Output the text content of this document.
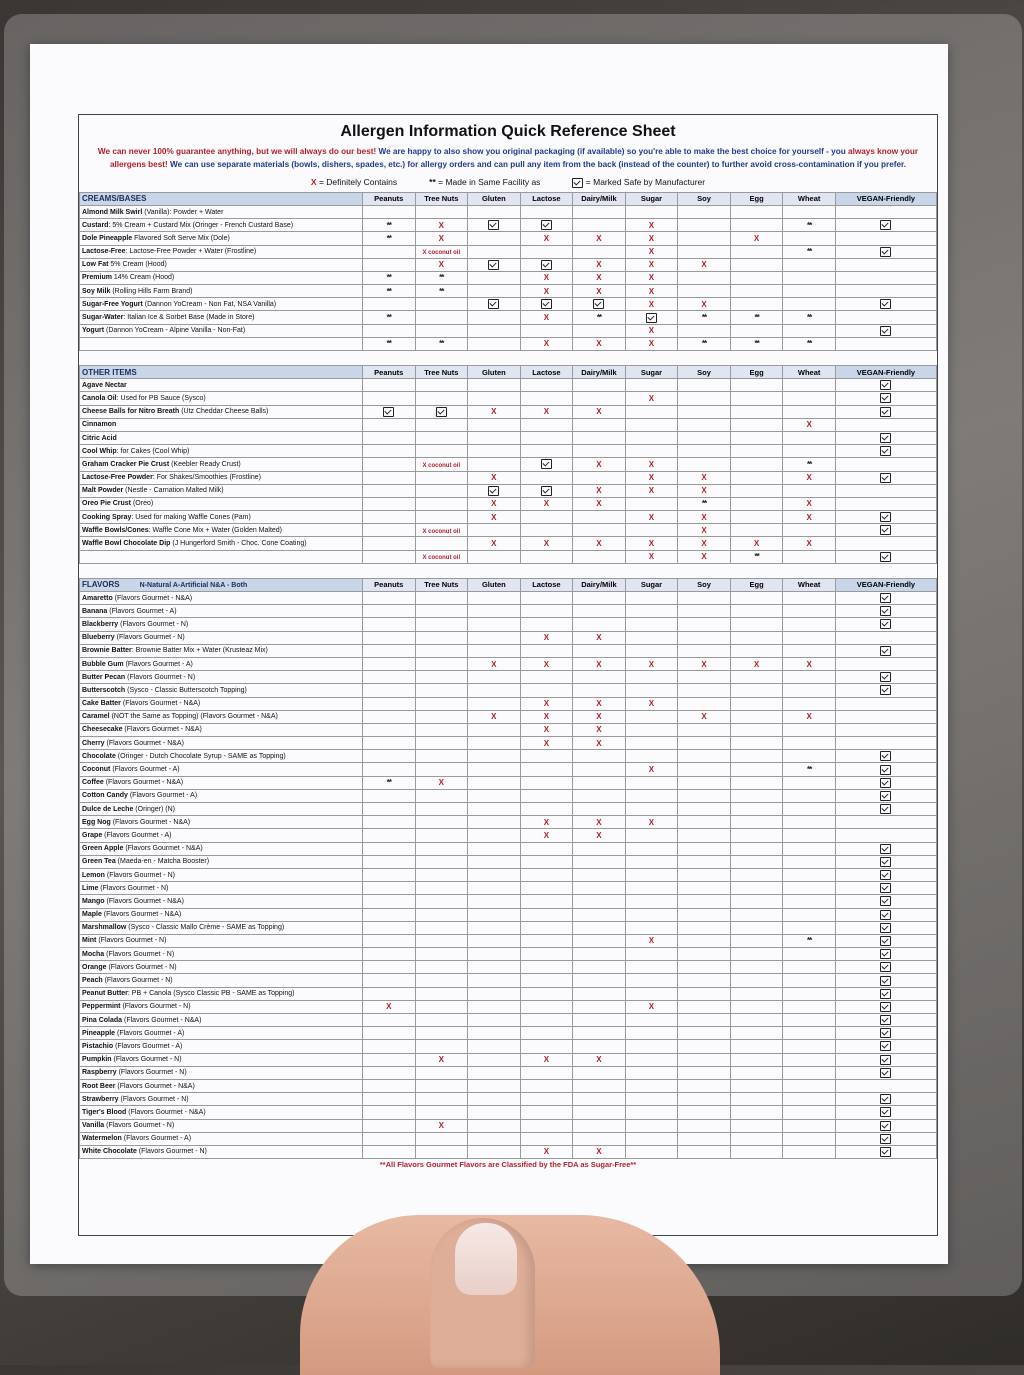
Allergen Information Quick Reference Sheet
We can never 100% guarantee anything, but we will always do our best! We are happy to also show you original packaging (if available) so you're able to make the best choice for yourself - you always know your allergens best! We can use separate materials (bowls, dishers, spades, etc.) for allergy orders and can pull any item from the back (instead of the counter) to further avoid cross-contamination if you prefer.
X = Definitely Contains	** = Made in Same Facility as	= Marked Safe by Manufacturer
CREAMS/BASES	Peanuts	Tree Nuts	Gluten	Lactose	Dairy/Milk	Sugar	Soy	Egg	Wheat	VEGAN-Friendly
Almond Milk Swirl (Vanilla): Powder + Water										
Custard: 5% Cream + Custard Mix (Oringer - French Custard Base)	**	X				X			**	
Dole Pineapple Flavored Soft Serve Mix (Dole)	**	X		X	X	X		X		
Lactose-Free: Lactose-Free Powder + Water (Frostline)		X coconut oil				X			**	
Low Fat 5% Cream (Hood)		X			X	X	X			
Premium 14% Cream (Hood)	**	**		X	X	X				
Soy Milk (Rolling Hills Farm Brand)	**	**		X	X	X				
Sugar-Free Yogurt (Dannon YoCream - Non Fat, NSA Vanilla)						X	X			
Sugar-Water: Italian Ice & Sorbet Base (Made in Store)	**			X	**		**	**	**	
Yogurt (Dannon YoCream - Alpine Vanilla - Non-Fat)						X				
	**	**		X	X	X	**	**	**	

OTHER ITEMS	Peanuts	Tree Nuts	Gluten	Lactose	Dairy/Milk	Sugar	Soy	Egg	Wheat	VEGAN-Friendly
Agave Nectar										
Canola Oil: Used for PB Sauce (Sysco)						X				
Cheese Balls for Nitro Breath (Utz Cheddar Cheese Balls)			X	X	X					
Cinnamon									X	
Citric Acid										
Cool Whip: for Cakes (Cool Whip)										
Graham Cracker Pie Crust (Keebler Ready Crust)		X coconut oil			X	X			**	
Lactose-Free Powder: For Shakes/Smoothies (Frostline)			X			X	X		X	
Malt Powder (Nestle - Carnation Malted Milk)					X	X	X			
Oreo Pie Crust (Oreo)			X	X	X		**		X	
Cooking Spray: Used for making Waffle Cones (Pam)			X			X	X		X	
Waffle Bowls/Cones: Waffle Cone Mix + Water (Golden Malted)		X coconut oil					X			
Waffle Bowl Chocolate Dip (J Hungerford Smith - Choc. Cone Coating)			X	X	X	X	X	X	X	
		X coconut oil				X	X	**		

FLAVORS N-Natural A-Artificial N&A - Both	Peanuts	Tree Nuts	Gluten	Lactose	Dairy/Milk	Sugar	Soy	Egg	Wheat	VEGAN-Friendly
Amaretto (Flavors Gourmet - N&A)										
Banana (Flavors Gourmet - A)										
Blackberry (Flavors Gourmet - N)										
Blueberry (Flavors Gourmet - N)				X	X					
Brownie Batter: Brownie Batter Mix + Water (Krusteaz Mix)										
Bubble Gum (Flavors Gourmet - A)			X	X	X	X	X	X	X	
Butter Pecan (Flavors Gourmet - N)										
Butterscotch (Sysco - Classic Butterscotch Topping)										
Cake Batter (Flavors Gourmet - N&A)				X	X	X				
Caramel (NOT the Same as Topping) (Flavors Gourmet - N&A)			X	X	X		X		X	
Cheesecake (Flavors Gourmet - N&A)				X	X					
Cherry (Flavors Gourmet - N&A)				X	X					
Chocolate (Oringer - Dutch Chocolate Syrup - SAME as Topping)										
Coconut (Flavors Gourmet - A)						X			**	
Coffee (Flavors Gourmet - N&A)	**	X								
Cotton Candy (Flavors Gourmet - A)										
Dulce de Leche (Oringer) (N)										
Egg Nog (Flavors Gourmet - N&A)				X	X	X				
Grape (Flavors Gourmet - A)				X	X					
Green Apple (Flavors Gourmet - N&A)										
Green Tea (Maeda-en - Matcha Booster)										
Lemon (Flavors Gourmet - N)										
Lime (Flavors Gourmet - N)										
Mango (Flavors Gourmet - N&A)										
Maple (Flavors Gourmet - N&A)										
Marshmallow (Sysco - Classic Mallo Crème - SAME as Topping)										
Mint (Flavors Gourmet - N)						X			**	
Mocha (Flavors Gourmet - N)										
Orange (Flavors Gourmet - N)										
Peach (Flavors Gourmet - N)										
Peanut Butter: PB + Canola (Sysco Classic PB - SAME as Topping)										
Peppermint (Flavors Gourmet - N)	X					X				
Pina Colada (Flavors Gourmet - N&A)										
Pineapple (Flavors Gourmet - A)										
Pistachio (Flavors Gourmet - A)										
Pumpkin (Flavors Gourmet - N)		X		X	X					
Raspberry (Flavors Gourmet - N)										
Root Beer (Flavors Gourmet - N&A)										
Strawberry (Flavors Gourmet - N)										
Tiger's Blood (Flavors Gourmet - N&A)										
Vanilla (Flavors Gourmet - N)		X								
Watermelon (Flavors Gourmet - A)										
White Chocolate (Flavors Gourmet - N)				X	X					
**All Flavors Gourmet Flavors are Classified by the FDA as Sugar-Free**
